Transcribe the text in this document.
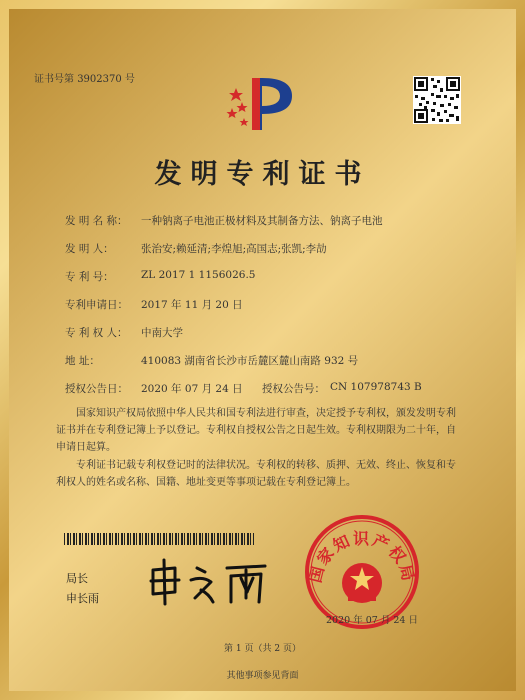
证书号第 3902370 号
发明专利证书
发 明 名 称： 一种钠离子电池正极材料及其制备方法、钠离子电池
发 明 人：	张治安;赖延清;李煌旭;高国志;张凯;李劼
专 利 号：	ZL 2017 1 1156026.5
专利申请日： 2017 年 11 月 20 日
专 利 权 人： 中南大学
地 址：	410083 湖南省长沙市岳麓区麓山南路 932 号
授权公告日： 2020 年 07 月 24 日 授权公告号： CN 107978743 B
国家知识产权局依照中华人民共和国专利法进行审查，决定授予专利权，颁发发明专利证书并在专利登记簿上予以登记。专利权自授权公告之日起生效。专利权期限为二十年，自申请日起算。
专利证书记载专利权登记时的法律状况。专利权的转移、质押、无效、终止、恢复和专利权人的姓名或名称、国籍、地址变更等事项记载在专利登记簿上。
局长
申长雨
国家知识产权局
2020 年 07 月 24 日
第 1 页（共 2 页）
其他事项参见背面
